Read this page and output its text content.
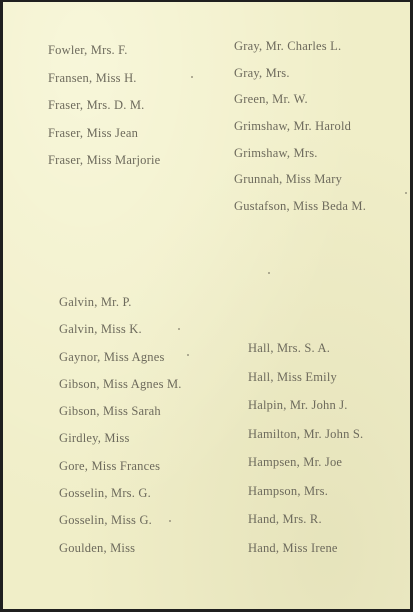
Fowler, Mrs. F.
Fransen, Miss H.
Fraser, Mrs. D. M.
Fraser, Miss Jean
Fraser, Miss Marjorie
Gray, Mr. Charles L.
Gray, Mrs.
Green, Mr. W.
Grimshaw, Mr. Harold
Grimshaw, Mrs.
Grunnah, Miss Mary
Gustafson, Miss Beda M.
Galvin, Mr. P.
Galvin, Miss K.
Gaynor, Miss Agnes
Gibson, Miss Agnes M.
Gibson, Miss Sarah
Girdley, Miss
Gore, Miss Frances
Gosselin, Mrs. G.
Gosselin, Miss G.
Goulden, Miss
Hall, Mrs. S. A.
Hall, Miss Emily
Halpin, Mr. John J.
Hamilton, Mr. John S.
Hampsen, Mr. Joe
Hampson, Mrs.
Hand, Mrs. R.
Hand, Miss Irene
